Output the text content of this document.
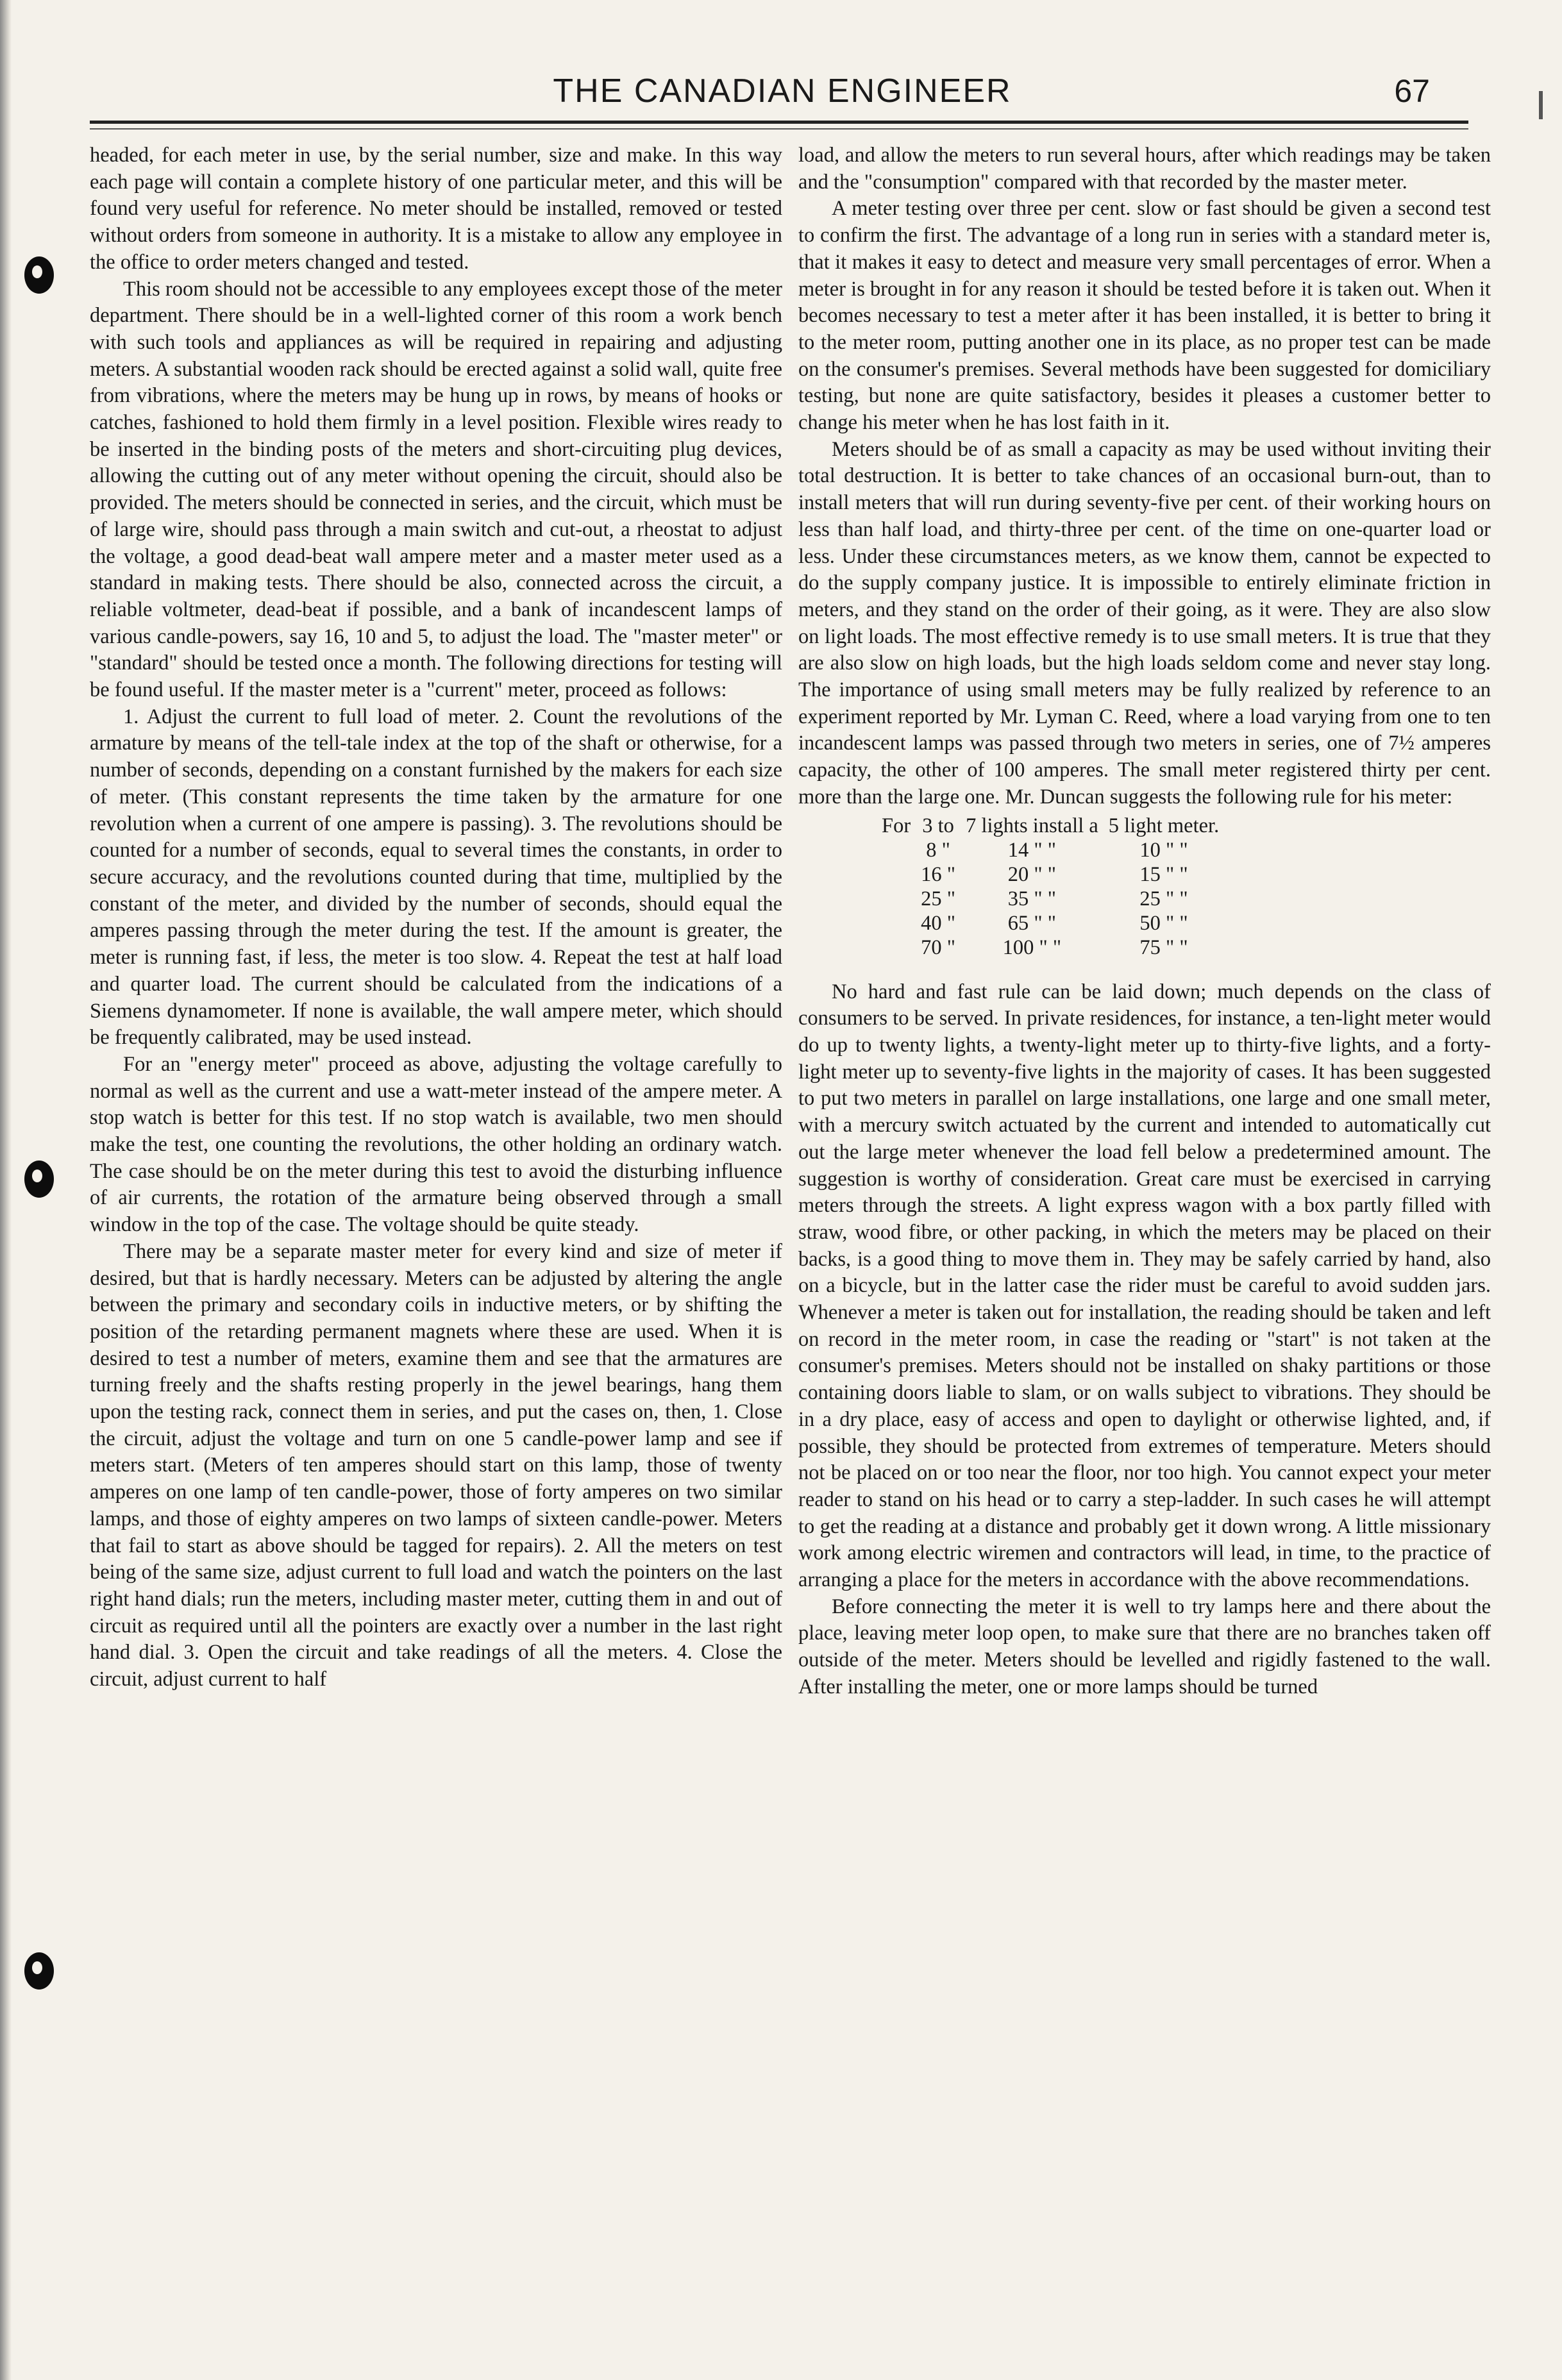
THE CANADIAN ENGINEER	67

headed, for each meter in use, by the serial number, size and make. In this way each page will contain a complete history of one particular meter, and this will be found very useful for reference. No meter should be installed, removed or tested without orders from someone in authority. It is a mistake to allow any employee in the office to order meters changed and tested.

This room should not be accessible to any employees except those of the meter department. There should be in a well-lighted corner of this room a work bench with such tools and appliances as will be required in repairing and adjusting meters. A substantial wooden rack should be erected against a solid wall, quite free from vibrations, where the meters may be hung up in rows, by means of hooks or catches, fashioned to hold them firmly in a level position. Flexible wires ready to be inserted in the binding posts of the meters and short-circuiting plug devices, allowing the cutting out of any meter without opening the circuit, should also be provided. The meters should be connected in series, and the circuit, which must be of large wire, should pass through a main switch and cut-out, a rheostat to adjust the voltage, a good dead-beat wall ampere meter and a master meter used as a standard in making tests. There should be also, connected across the circuit, a reliable voltmeter, dead-beat if possible, and a bank of incandescent lamps of various candle-powers, say 16, 10 and 5, to adjust the load. The "master meter" or "standard" should be tested once a month. The following directions for testing will be found useful. If the master meter is a "current" meter, proceed as follows:

1. Adjust the current to full load of meter. 2. Count the revolutions of the armature by means of the tell-tale index at the top of the shaft or otherwise, for a number of seconds, depending on a constant furnished by the makers for each size of meter. (This constant represents the time taken by the armature for one revolution when a current of one ampere is passing). 3. The revolutions should be counted for a number of seconds, equal to several times the constants, in order to secure accuracy, and the revolutions counted during that time, multiplied by the constant of the meter, and divided by the number of seconds, should equal the amperes passing through the meter during the test. If the amount is greater, the meter is running fast, if less, the meter is too slow. 4. Repeat the test at half load and quarter load. The current should be calculated from the indications of a Siemens dynamometer. If none is available, the wall ampere meter, which should be frequently calibrated, may be used instead.

For an "energy meter" proceed as above, adjusting the voltage carefully to normal as well as the current and use a watt-meter instead of the ampere meter. A stop watch is better for this test. If no stop watch is available, two men should make the test, one counting the revolutions, the other holding an ordinary watch. The case should be on the meter during this test to avoid the disturbing influence of air currents, the rotation of the armature being observed through a small window in the top of the case. The voltage should be quite steady.

There may be a separate master meter for every kind and size of meter if desired, but that is hardly necessary. Meters can be adjusted by altering the angle between the primary and secondary coils in inductive meters, or by shifting the position of the retarding permanent magnets where these are used. When it is desired to test a number of meters, examine them and see that the armatures are turning freely and the shafts resting properly in the jewel bearings, hang them upon the testing rack, connect them in series, and put the cases on, then, 1. Close the circuit, adjust the voltage and turn on one 5 candle-power lamp and see if meters start. (Meters of ten amperes should start on this lamp, those of twenty amperes on one lamp of ten candle-power, those of forty amperes on two similar lamps, and those of eighty amperes on two lamps of sixteen candle-power. Meters that fail to start as above should be tagged for repairs). 2. All the meters on test being of the same size, adjust current to full load and watch the pointers on the last right hand dials; run the meters, including master meter, cutting them in and out of circuit as required until all the pointers are exactly over a number in the last right hand dial. 3. Open the circuit and take readings of all the meters. 4. Close the circuit, adjust current to half

load, and allow the meters to run several hours, after which readings may be taken and the "consumption" compared with that recorded by the master meter.

A meter testing over three per cent. slow or fast should be given a second test to confirm the first. The advantage of a long run in series with a standard meter is, that it makes it easy to detect and measure very small percentages of error. When a meter is brought in for any reason it should be tested before it is taken out. When it becomes necessary to test a meter after it has been installed, it is better to bring it to the meter room, putting another one in its place, as no proper test can be made on the consumer's premises. Several methods have been suggested for domiciliary testing, but none are quite satisfactory, besides it pleases a customer better to change his meter when he has lost faith in it.

Meters should be of as small a capacity as may be used without inviting their total destruction. It is better to take chances of an occasional burn-out, than to install meters that will run during seventy-five per cent. of their working hours on less than half load, and thirty-three per cent. of the time on one-quarter load or less. Under these circumstances meters, as we know them, cannot be expected to do the supply company justice. It is impossible to entirely eliminate friction in meters, and they stand on the order of their going, as it were. They are also slow on light loads. The most effective remedy is to use small meters. It is true that they are also slow on high loads, but the high loads seldom come and never stay long. The importance of using small meters may be fully realized by reference to an experiment reported by Mr. Lyman C. Reed, where a load varying from one to ten incandescent lamps was passed through two meters in series, one of 7½ amperes capacity, the other of 100 amperes. The small meter registered thirty per cent. more than the large one. Mr. Duncan suggests the following rule for his meter:

For	3 to	7 lights install a	5 light meter.
	8 "	14 " "	10 " "
	16 "	20 " "	15 " "
	25 "	35 " "	25 " "
	40 "	65 " "	50 " "
	70 "	100 " "	75 " "

No hard and fast rule can be laid down; much depends on the class of consumers to be served. In private residences, for instance, a ten-light meter would do up to twenty lights, a twenty-light meter up to thirty-five lights, and a forty-light meter up to seventy-five lights in the majority of cases. It has been suggested to put two meters in parallel on large installations, one large and one small meter, with a mercury switch actuated by the current and intended to automatically cut out the large meter whenever the load fell below a predetermined amount. The suggestion is worthy of consideration. Great care must be exercised in carrying meters through the streets. A light express wagon with a box partly filled with straw, wood fibre, or other packing, in which the meters may be placed on their backs, is a good thing to move them in. They may be safely carried by hand, also on a bicycle, but in the latter case the rider must be careful to avoid sudden jars. Whenever a meter is taken out for installation, the reading should be taken and left on record in the meter room, in case the reading or "start" is not taken at the consumer's premises. Meters should not be installed on shaky partitions or those containing doors liable to slam, or on walls subject to vibrations. They should be in a dry place, easy of access and open to daylight or otherwise lighted, and, if possible, they should be protected from extremes of temperature. Meters should not be placed on or too near the floor, nor too high. You cannot expect your meter reader to stand on his head or to carry a step-ladder. In such cases he will attempt to get the reading at a distance and probably get it down wrong. A little missionary work among electric wiremen and contractors will lead, in time, to the practice of arranging a place for the meters in accordance with the above recommendations.

Before connecting the meter it is well to try lamps here and there about the place, leaving meter loop open, to make sure that there are no branches taken off outside of the meter. Meters should be levelled and rigidly fastened to the wall. After installing the meter, one or more lamps should be turned
